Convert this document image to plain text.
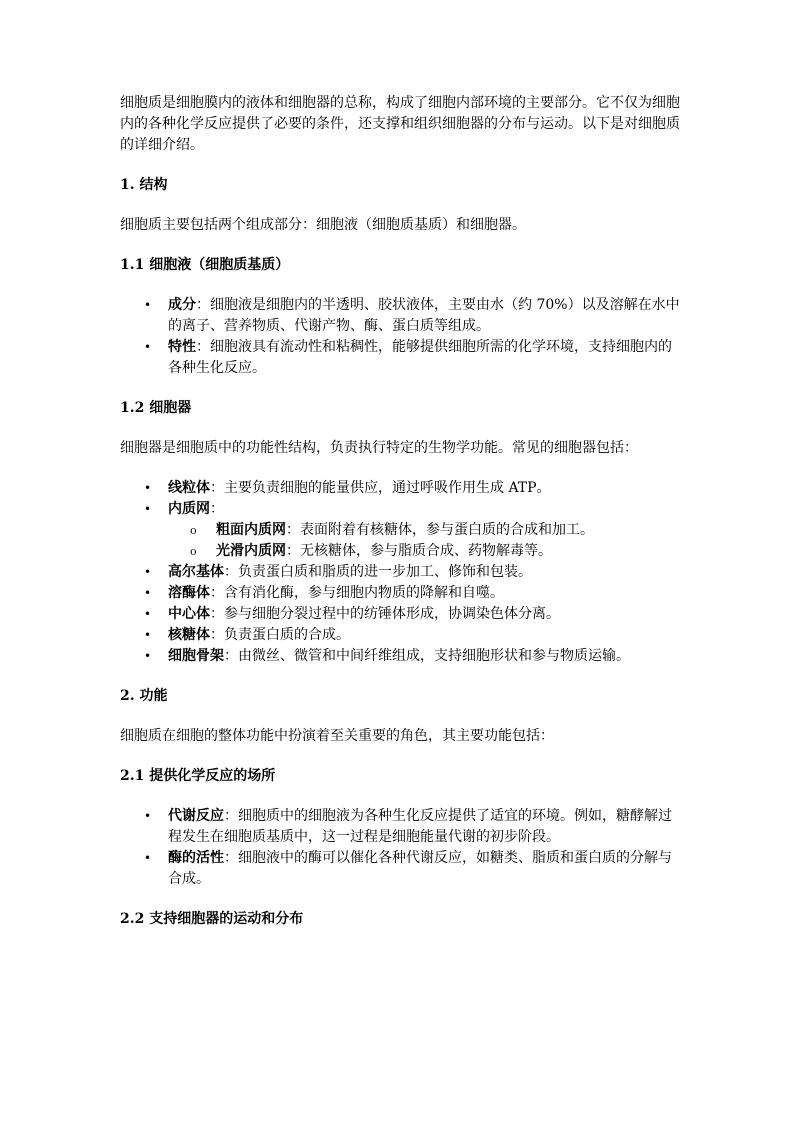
细胞质是细胞膜内的液体和细胞器的总称，构成了细胞内部环境的主要部分。它不仅为细胞内的各种化学反应提供了必要的条件，还支撑和组织细胞器的分布与运动。以下是对细胞质的详细介绍。

1. 结构

细胞质主要包括两个组成部分：细胞液（细胞质基质）和细胞器。

1.1 细胞液（细胞质基质）
• 成分：细胞液是细胞内的半透明、胶状液体，主要由水（约 70%）以及溶解在水中的离子、营养物质、代谢产物、酶、蛋白质等组成。
• 特性：细胞液具有流动性和粘稠性，能够提供细胞所需的化学环境，支持细胞内的各种生化反应。
1.2 细胞器

细胞器是细胞质中的功能性结构，负责执行特定的生物学功能。常见的细胞器包括：

• 线粒体：主要负责细胞的能量供应，通过呼吸作用生成 ATP。
• 内质网：
o 粗面内质网：表面附着有核糖体，参与蛋白质的合成和加工。
o 光滑内质网：无核糖体，参与脂质合成、药物解毒等。
• 高尔基体：负责蛋白质和脂质的进一步加工、修饰和包装。
• 溶酶体：含有消化酶，参与细胞内物质的降解和自噬。
• 中心体：参与细胞分裂过程中的纺锤体形成，协调染色体分离。
• 核糖体：负责蛋白质的合成。
• 细胞骨架：由微丝、微管和中间纤维组成，支持细胞形状和参与物质运输。
2. 功能

细胞质在细胞的整体功能中扮演着至关重要的角色，其主要功能包括：

2.1 提供化学反应的场所
• 代谢反应：细胞质中的细胞液为各种生化反应提供了适宜的环境。例如，糖酵解过程发生在细胞质基质中，这一过程是细胞能量代谢的初步阶段。
• 酶的活性：细胞液中的酶可以催化各种代谢反应，如糖类、脂质和蛋白质的分解与合成。
2.2 支持细胞器的运动和分布
